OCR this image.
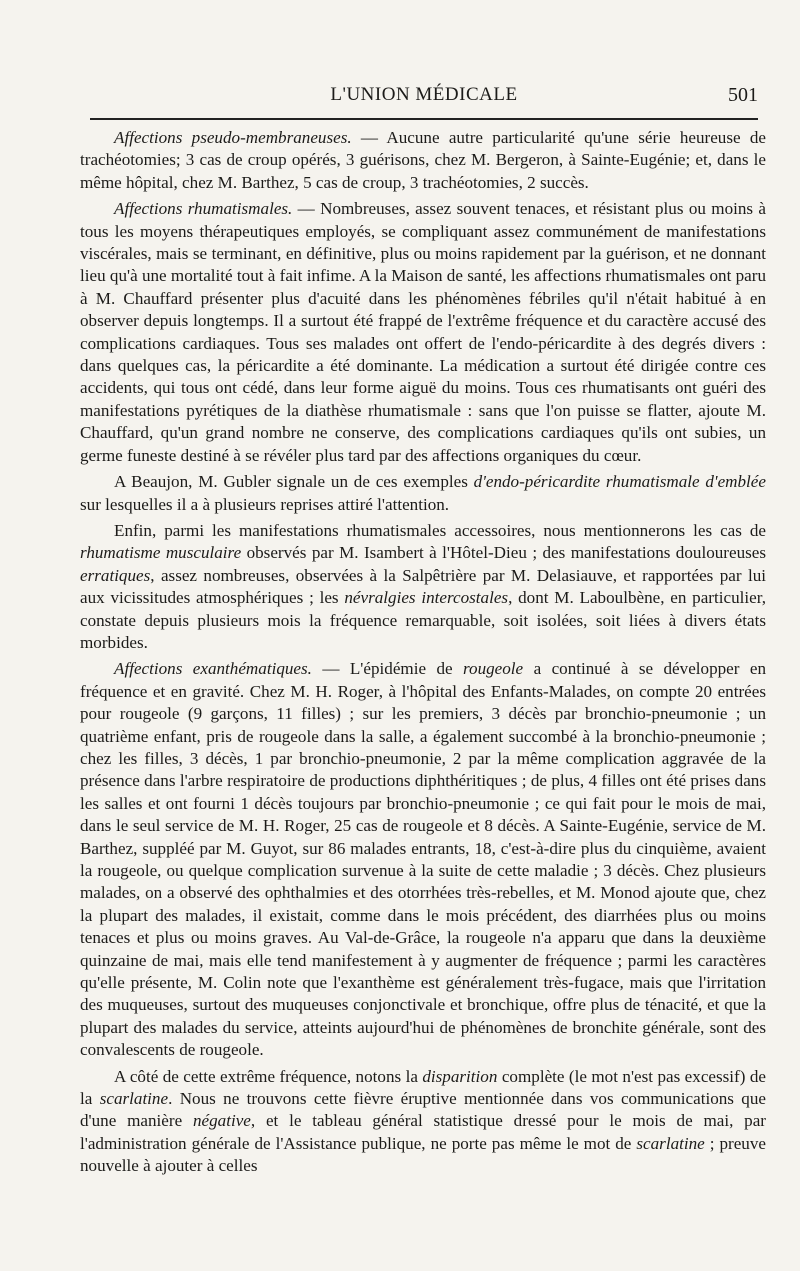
L'UNION MÉDICALE	501

Affections pseudo-membraneuses. — Aucune autre particularité qu'une série heureuse de trachéotomies; 3 cas de croup opérés, 3 guérisons, chez M. Bergeron, à Sainte-Eugénie; et, dans le même hôpital, chez M. Barthez, 5 cas de croup, 3 trachéotomies, 2 succès.

Affections rhumatismales. — Nombreuses, assez souvent tenaces, et résistant plus ou moins à tous les moyens thérapeutiques employés, se compliquant assez communément de manifestations viscérales, mais se terminant, en définitive, plus ou moins rapidement par la guérison, et ne donnant lieu qu'à une mortalité tout à fait infime. A la Maison de santé, les affections rhumatismales ont paru à M. Chauffard présenter plus d'acuité dans les phénomènes fébriles qu'il n'était habitué à en observer depuis longtemps. Il a surtout été frappé de l'extrême fréquence et du caractère accusé des complications cardiaques. Tous ses malades ont offert de l'endo-péricardite à des degrés divers : dans quelques cas, la péricardite a été dominante. La médication a surtout été dirigée contre ces accidents, qui tous ont cédé, dans leur forme aiguë du moins. Tous ces rhumatisants ont guéri des manifestations pyrétiques de la diathèse rhumatismale : sans que l'on puisse se flatter, ajoute M. Chauffard, qu'un grand nombre ne conserve, des complications cardiaques qu'ils ont subies, un germe funeste destiné à se révéler plus tard par des affections organiques du cœur.

A Beaujon, M. Gubler signale un de ces exemples d'endo-péricardite rhumatismale d'emblée sur lesquelles il a à plusieurs reprises attiré l'attention.

Enfin, parmi les manifestations rhumatismales accessoires, nous mentionnerons les cas de rhumatisme musculaire observés par M. Isambert à l'Hôtel-Dieu ; des manifestations douloureuses erratiques, assez nombreuses, observées à la Salpêtrière par M. Delasiauve, et rapportées par lui aux vicissitudes atmosphériques ; les névralgies intercostales, dont M. Laboulbène, en particulier, constate depuis plusieurs mois la fréquence remarquable, soit isolées, soit liées à divers états morbides.

Affections exanthématiques. — L'épidémie de rougeole a continué à se développer en fréquence et en gravité. Chez M. H. Roger, à l'hôpital des Enfants-Malades, on compte 20 entrées pour rougeole (9 garçons, 11 filles) ; sur les premiers, 3 décès par bronchio-pneumonie ; un quatrième enfant, pris de rougeole dans la salle, a également succombé à la bronchio-pneumonie ; chez les filles, 3 décès, 1 par bronchio-pneumonie, 2 par la même complication aggravée de la présence dans l'arbre respiratoire de productions diphthéritiques ; de plus, 4 filles ont été prises dans les salles et ont fourni 1 décès toujours par bronchio-pneumonie ; ce qui fait pour le mois de mai, dans le seul service de M. H. Roger, 25 cas de rougeole et 8 décès. A Sainte-Eugénie, service de M. Barthez, suppléé par M. Guyot, sur 86 malades entrants, 18, c'est-à-dire plus du cinquième, avaient la rougeole, ou quelque complication survenue à la suite de cette maladie ; 3 décès. Chez plusieurs malades, on a observé des ophthalmies et des otorrhées très-rebelles, et M. Monod ajoute que, chez la plupart des malades, il existait, comme dans le mois précédent, des diarrhées plus ou moins tenaces et plus ou moins graves. Au Val-de-Grâce, la rougeole n'a apparu que dans la deuxième quinzaine de mai, mais elle tend manifestement à y augmenter de fréquence ; parmi les caractères qu'elle présente, M. Colin note que l'exanthème est généralement très-fugace, mais que l'irritation des muqueuses, surtout des muqueuses conjonctivale et bronchique, offre plus de ténacité, et que la plupart des malades du service, atteints aujourd'hui de phénomènes de bronchite générale, sont des convalescents de rougeole.

A côté de cette extrême fréquence, notons la disparition complète (le mot n'est pas excessif) de la scarlatine. Nous ne trouvons cette fièvre éruptive mentionnée dans vos communications que d'une manière négative, et le tableau général statistique dressé pour le mois de mai, par l'administration générale de l'Assistance publique, ne porte pas même le mot de scarlatine ; preuve nouvelle à ajouter à celles
